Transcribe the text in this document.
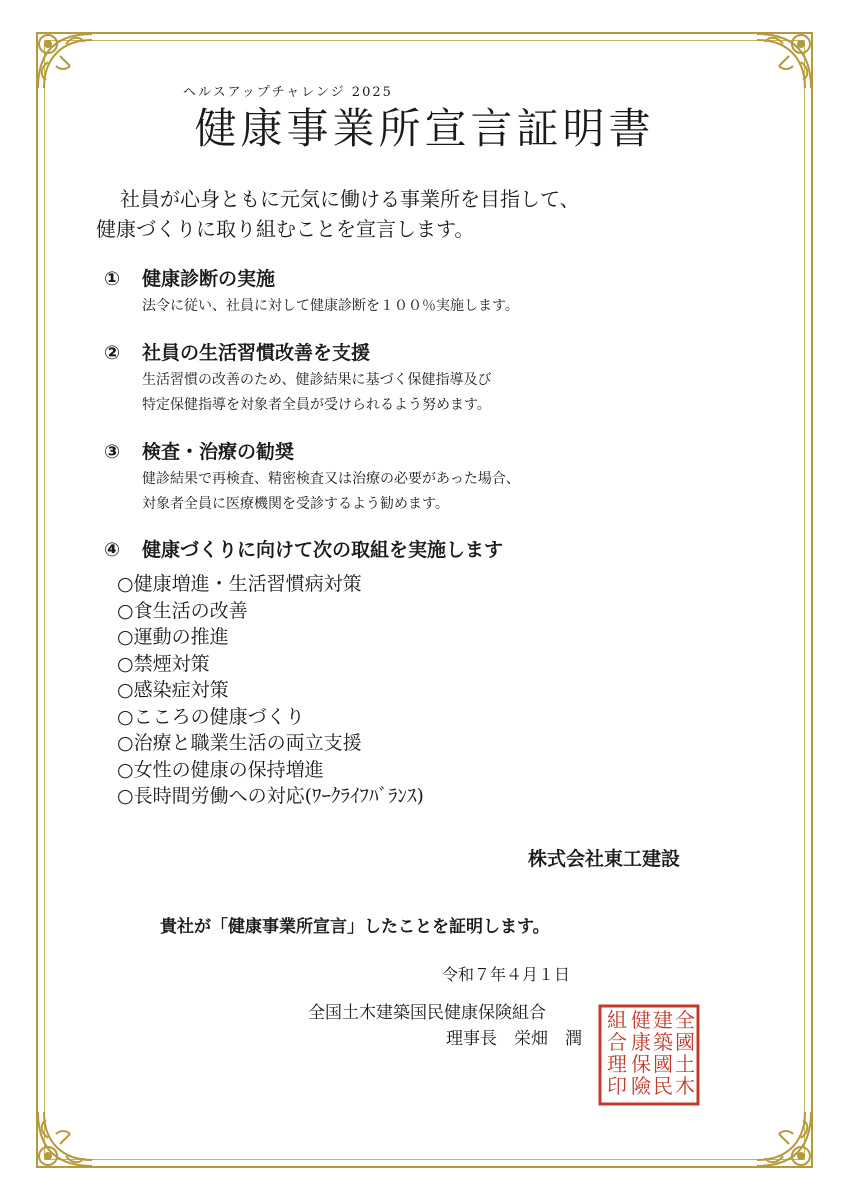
ヘルスアップチャレンジ 2025
健康事業所宣言証明書
社員が心身ともに元気に働ける事業所を目指して、
健康づくりに取り組むことを宣言します。
① 健康診断の実施
法令に従い、社員に対して健康診断を１００％実施します。
② 社員の生活習慣改善を支援
生活習慣の改善のため、健診結果に基づく保健指導及び
特定保健指導を対象者全員が受けられるよう努めます。
③ 検査・治療の勧奨
健診結果で再検査、精密検査又は治療の必要があった場合、
対象者全員に医療機関を受診するよう勧めます。
④ 健康づくりに向けて次の取組を実施します
○健康増進・生活習慣病対策
○食生活の改善
○運動の推進
○禁煙対策
○感染症対策
○こころの健康づくり
○治療と職業生活の両立支援
○女性の健康の保持増進
○長時間労働への対応(ﾜｰｸﾗｲﾌﾊﾞﾗﾝｽ)
株式会社東工建設
貴社が「健康事業所宣言」したことを証明します。
令和７年４月１日
全国土木建築国民健康保険組合
理事長　栄畑　潤
全
國
土
木
建
築
國
民
健
康
保
險
組
合
理
印
